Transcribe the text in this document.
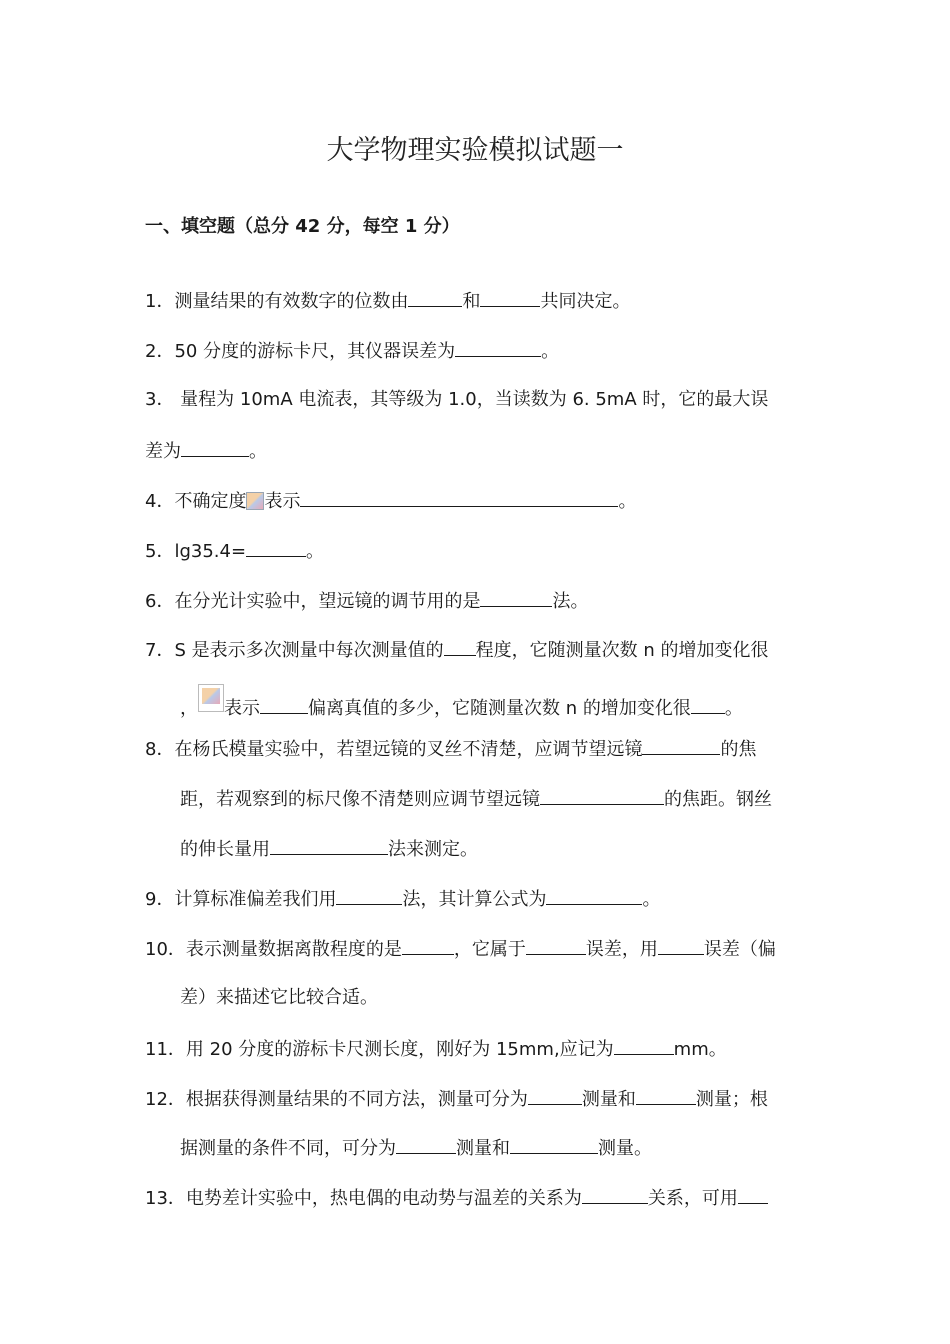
大学物理实验模拟试题一
一、填空题（总分 42 分，每空 1 分）
1．测量结果的有效数字的位数由	和	共同决定。
2．50 分度的游标卡尺，其仪器误差为	。
3． 量程为 10mA 电流表，其等级为 1.0，当读数为 6. 5mA 时，它的最大误
差为	。
4．不确定度 表示	。
5．lg35.4=	。
6．在分光计实验中，望远镜的调节用的是	法。
7．S 是表示多次测量中每次测量值的 程度，它随测量次数 n 的增加变化很
， 表示	偏离真值的多少，它随测量次数 n 的增加变化很 。
8．在杨氏模量实验中，若望远镜的叉丝不清楚，应调节望远镜	的焦
距，若观察到的标尺像不清楚则应调节望远镜	的焦距。钢丝
的伸长量用	法来测定。
9．计算标准偏差我们用	法，其计算公式为	。
10．表示测量数据离散程度的是	，它属于	误差，用	误差（偏
差）来描述它比较合适。
11．用 20 分度的游标卡尺测长度，刚好为 15mm,应记为	mm。
12．根据获得测量结果的不同方法，测量可分为	测量和	测量；根
据测量的条件不同，可分为	测量和	测量。
13．电势差计实验中，热电偶的电动势与温差的关系为	关系，可用
